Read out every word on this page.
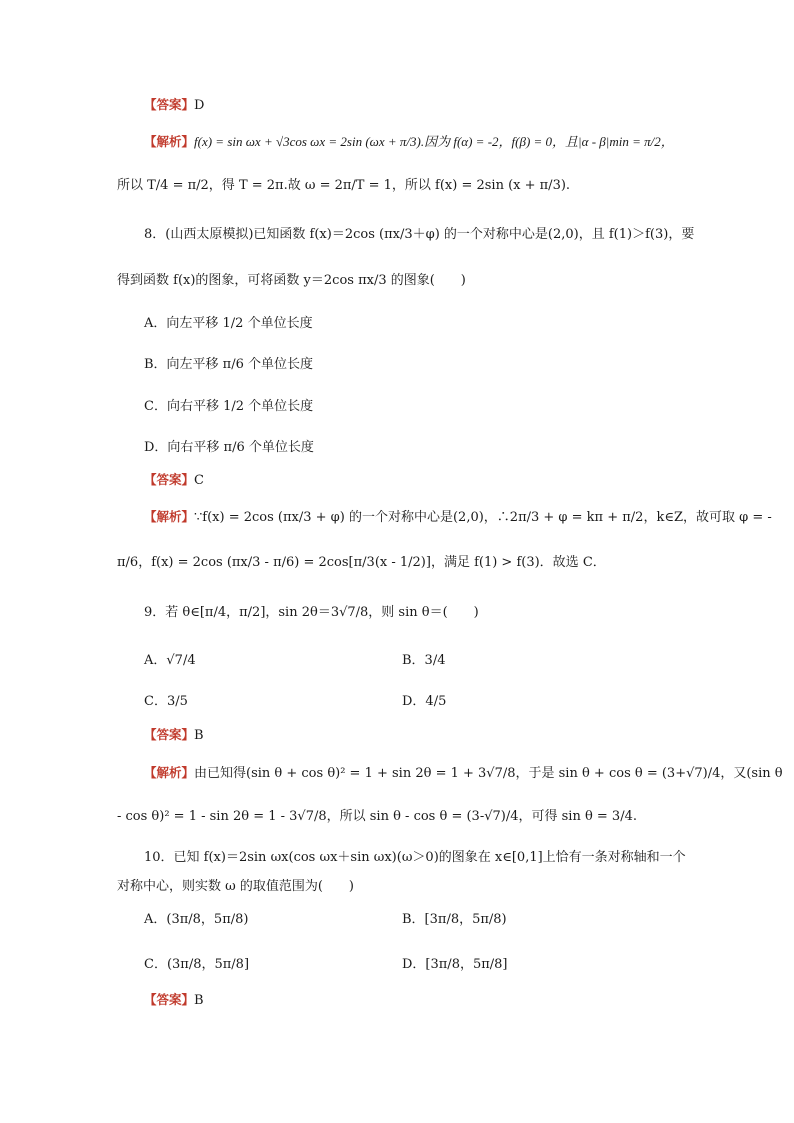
【答案】D
【解析】f(x) = sin ωx + √3cos ωx = 2sin (ωx + π/3).因为 f(α) = -2，f(β) = 0，且|α - β|min = π/2，
所以 T/4 = π/2，得 T = 2π.故 ω = 2π/T = 1，所以 f(x) = 2sin (x + π/3).
8．(山西太原模拟)已知函数 f(x)＝2cos (πx/3＋φ) 的一个对称中心是(2,0)，且 f(1)＞f(3)，要
得到函数 f(x)的图象，可将函数 y＝2cos πx/3 的图象(　　)
A．向左平移 1/2 个单位长度
B．向左平移 π/6 个单位长度
C．向右平移 1/2 个单位长度
D．向右平移 π/6 个单位长度
【答案】C
【解析】∵f(x) = 2cos (πx/3 + φ) 的一个对称中心是(2,0)，∴2π/3 + φ = kπ + π/2，k∈Z，故可取 φ = -
π/6，f(x) = 2cos (πx/3 - π/6) = 2cos[π/3(x - 1/2)]，满足 f(1) > f(3)．故选 C．
9．若 θ∈[π/4，π/2]，sin 2θ＝3√7/8，则 sin θ＝(　　)
A．√7/4	B．3/4
C．3/5	D．4/5
【答案】B
【解析】由已知得(sin θ + cos θ)² = 1 + sin 2θ = 1 + 3√7/8，于是 sin θ + cos θ = (3+√7)/4，又(sin θ
- cos θ)² = 1 - sin 2θ = 1 - 3√7/8，所以 sin θ - cos θ = (3-√7)/4，可得 sin θ = 3/4.
10．已知 f(x)＝2sin ωx(cos ωx＋sin ωx)(ω＞0)的图象在 x∈[0,1]上恰有一条对称轴和一个
对称中心，则实数 ω 的取值范围为(　　)
A．(3π/8，5π/8)	B．[3π/8，5π/8)
C．(3π/8，5π/8]	D．[3π/8，5π/8]
【答案】B
